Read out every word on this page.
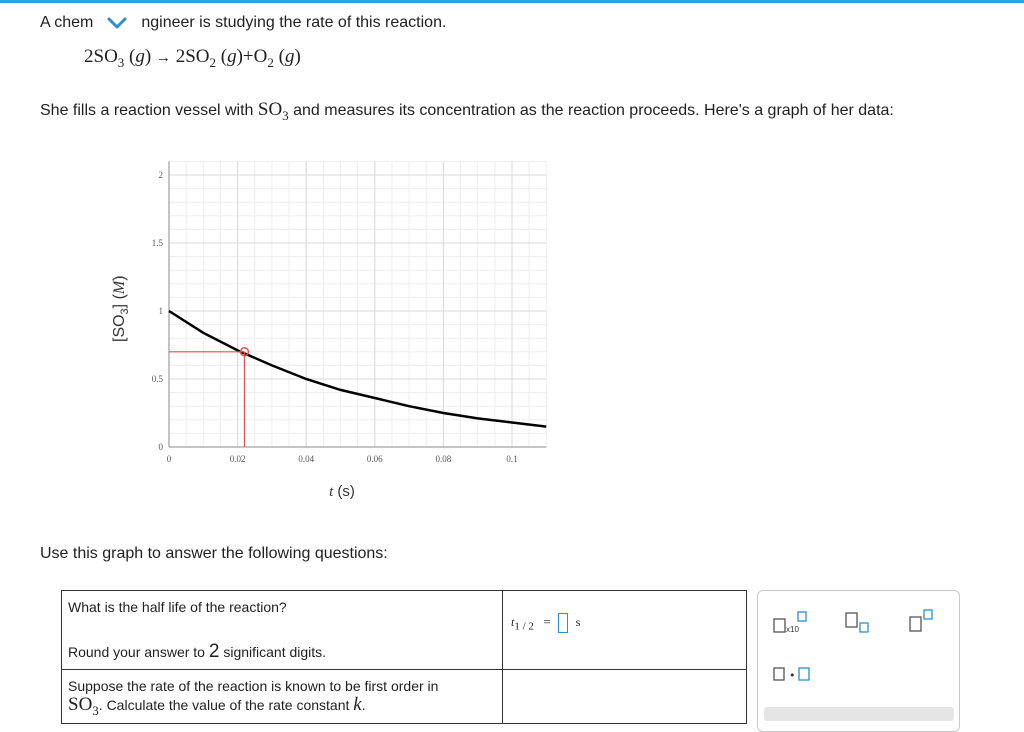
A chem	ngineer is studying the rate of this reaction.
$2SO_3$ $(g) \to 2SO_2$ $(g)+O_2$ (g)
She fills a reaction vessel with $SO_3$ and measures its concentration as the reaction proceeds. Here's a graph of her data:
$[SO_3]$ (M)
0	0.02	0.04	0.06	0.08	0.1
0
0.5
1
1.5
2
t (s)
Use this graph to answer the following questions:
What is the half life of the reaction?
Round your answer to 2 significant digits.	$t_{1 / 2} = s$

Suppose the rate of the reaction is known to be first order in
$SO_3$. Calculate the value of the rate constant k.	

x10
•
